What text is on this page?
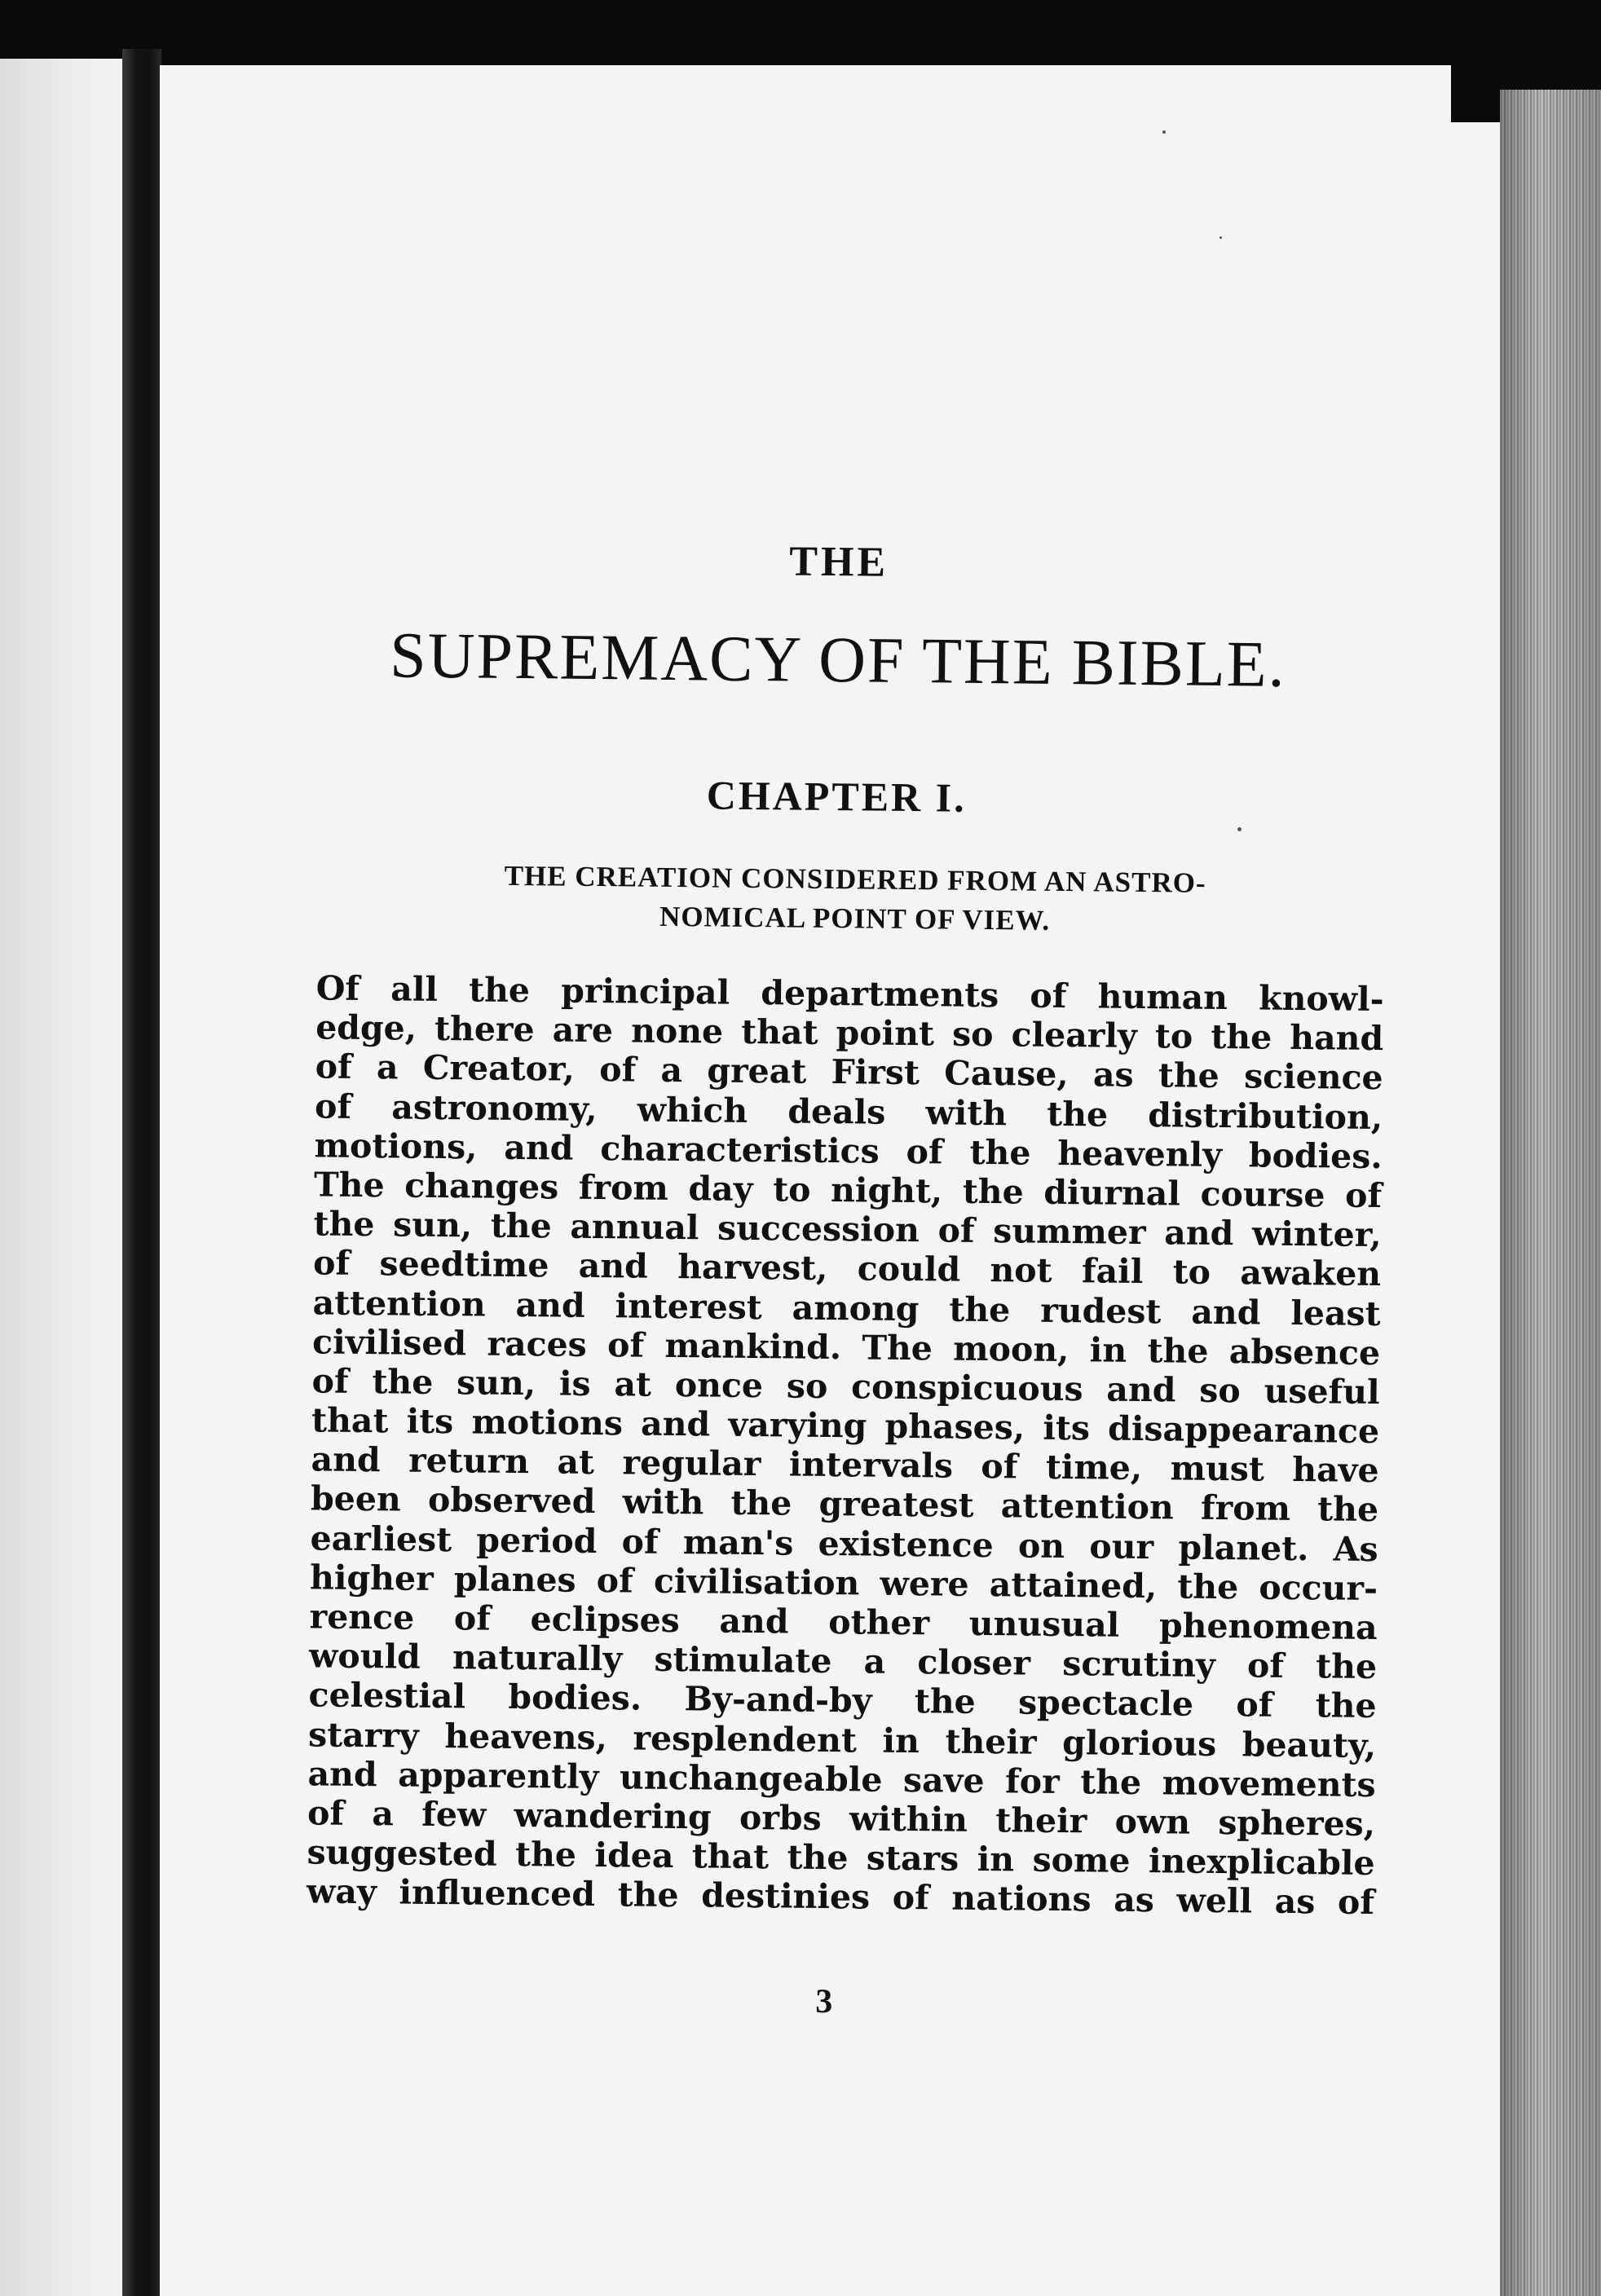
THE
SUPREMACY OF THE BIBLE.
CHAPTER I.
THE CREATION CONSIDERED FROM AN ASTRO-
NOMICAL POINT OF VIEW.
Of all the principal departments of human knowl-
edge, there are none that point so clearly to the hand
of a Creator, of a great First Cause, as the science
of astronomy, which deals with the distribution,
motions, and characteristics of the heavenly bodies.
The changes from day to night, the diurnal course of
the sun, the annual succession of summer and winter,
of seedtime and harvest, could not fail to awaken
attention and interest among the rudest and least
civilised races of mankind. The moon, in the absence
of the sun, is at once so conspicuous and so useful
that its motions and varying phases, its disappearance
and return at regular intervals of time, must have
been observed with the greatest attention from the
earliest period of man's existence on our planet. As
higher planes of civilisation were attained, the occur-
rence of eclipses and other unusual phenomena
would naturally stimulate a closer scrutiny of the
celestial bodies. By-and-by the spectacle of the
starry heavens, resplendent in their glorious beauty,
and apparently unchangeable save for the movements
of a few wandering orbs within their own spheres,
suggested the idea that the stars in some inexplicable
way influenced the destinies of nations as well as of
3
